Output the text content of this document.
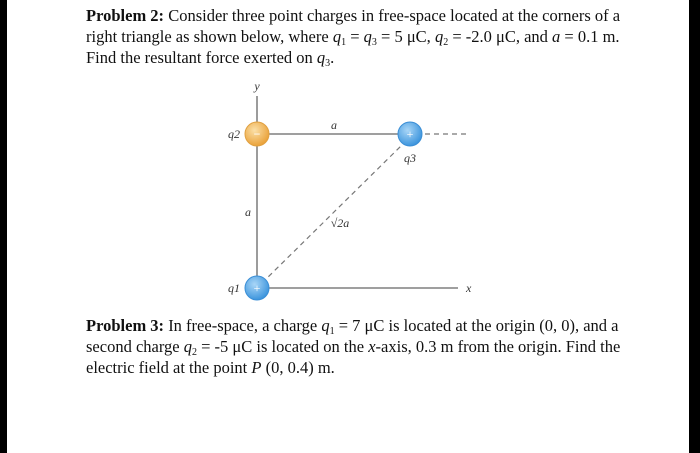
Problem 2: Consider three point charges in free-space located at the corners of a
right triangle as shown below, where $q_1 = q_3 = 5$ μC, $q_2 = -2.0$ μC, and a = 0.1 m.
Find the resultant force exerted on $q_3$.
Problem 3: In free-space, a charge $q_1 = 7$ μC is located at the origin (0, 0), and a
second charge $q_2 = -5$ μC is located on the x-axis, 0.3 m from the origin. Find the
electric field at the point P (0, 0.4) m.
−	+
+
y
x
a
a
√2a
q2
q3
q1
